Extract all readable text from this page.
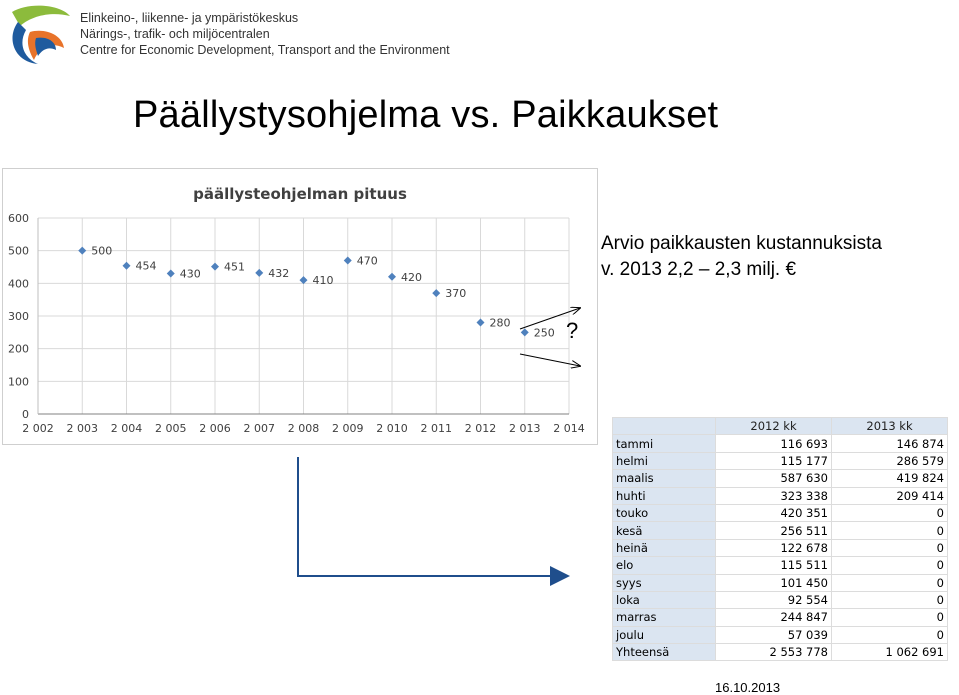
Elinkeino-, liikenne- ja ympäristökeskus
Närings-, trafik- och miljöcentralen
Centre for Economic Development, Transport and the Environment
Päällystysohjelma vs. Paikkaukset
päällysteohjelman pituus
0
100
200
300
400
500
600
2 002 2 003 2 004 2 005 2 006 2 007 2 008 2 009 2 010 2 011 2 012 2 013 2 014
500
454
430
451 432
410
470
420
370
280
250 ?
Arvio paikkausten kustannuksista
v. 2013 2,2 – 2,3 milj. €
	2012 kk	2013 kk
tammi	116 693	146 874
helmi	115 177	286 579
maalis	587 630	419 824
huhti	323 338	209 414
touko	420 351	0
kesä	256 511	0
heinä	122 678	0
elo	115 511	0
syys	101 450	0
loka	92 554	0
marras	244 847	0
joulu	57 039	0
Yhteensä	2 553 778	1 062 691
16.10.2013
